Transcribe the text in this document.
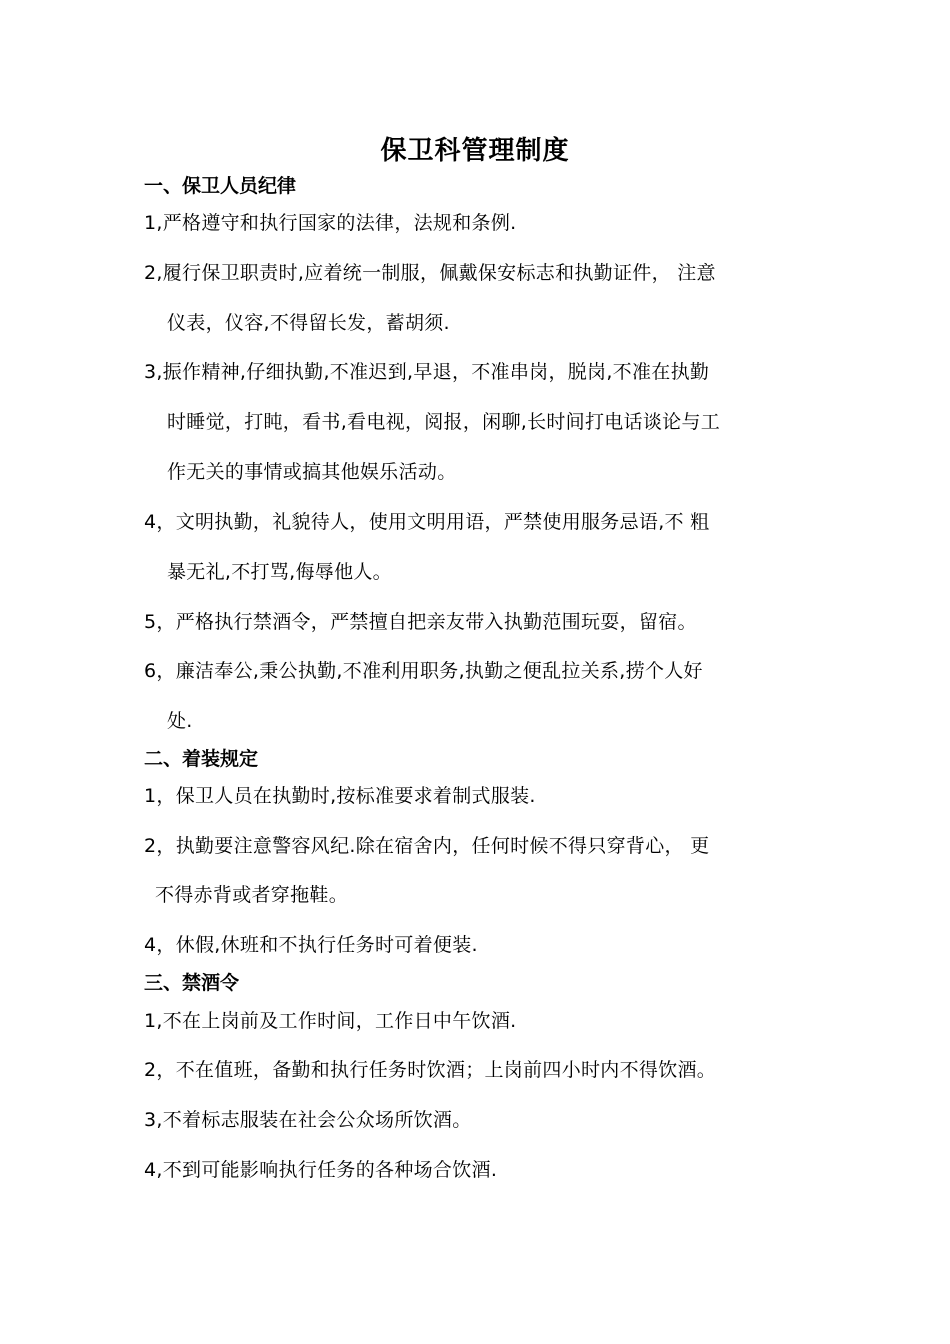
保卫科管理制度
一、保卫人员纪律
1,严格遵守和执行国家的法律，法规和条例.
2,履行保卫职责时,应着统一制服，佩戴保安标志和执勤证件， 注意
仪表，仪容,不得留长发，蓄胡须.
3,振作精神,仔细执勤,不准迟到,早退，不准串岗，脱岗,不准在执勤
时睡觉，打盹，看书,看电视，阅报，闲聊,长时间打电话谈论与工
作无关的事情或搞其他娱乐活动。
4，文明执勤，礼貌待人，使用文明用语，严禁使用服务忌语,不 粗
暴无礼,不打骂,侮辱他人。
5，严格执行禁酒令，严禁擅自把亲友带入执勤范围玩耍，留宿。
6，廉洁奉公,秉公执勤,不准利用职务,执勤之便乱拉关系,捞个人好
处.
二、着装规定
1，保卫人员在执勤时,按标准要求着制式服装.
2，执勤要注意警容风纪.除在宿舍内，任何时候不得只穿背心， 更
不得赤背或者穿拖鞋。
4，休假,休班和不执行任务时可着便装.
三、禁酒令
1,不在上岗前及工作时间，工作日中午饮酒.
2，不在值班，备勤和执行任务时饮酒；上岗前四小时内不得饮酒。
3,不着标志服装在社会公众场所饮酒。
4,不到可能影响执行任务的各种场合饮酒.
